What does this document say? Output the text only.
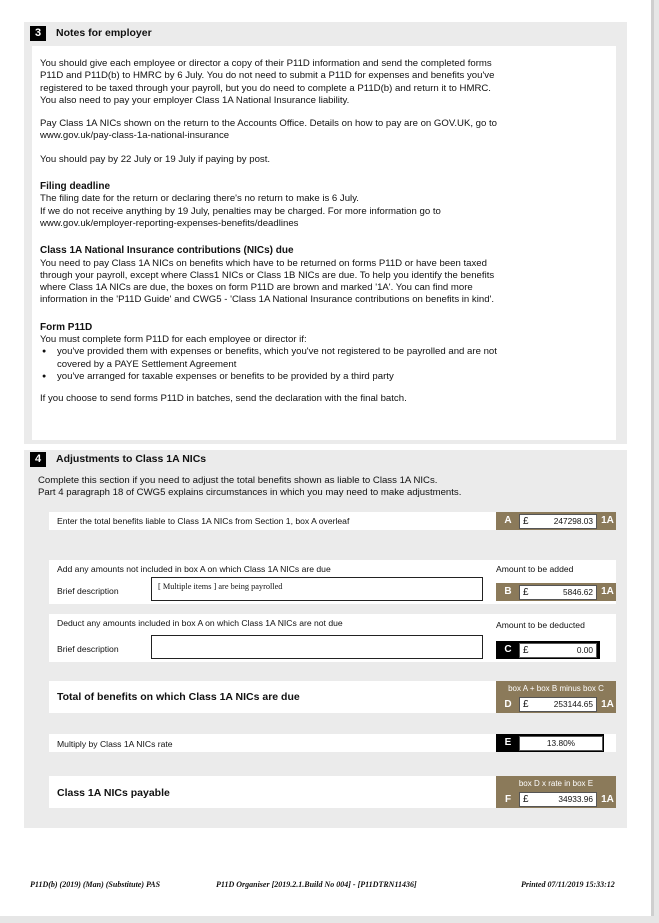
3	Notes for employer

You should give each employee or director a copy of their P11D information and send the completed forms

P11D and P11D(b) to HMRC by 6 July. You do not need to submit a P11D for expenses and benefits you've

registered to be taxed through your payroll, but you do need to complete a P11D(b) and return it to HMRC.

You also need to pay your employer Class 1A National Insurance liability.

Pay Class 1A NICs shown on the return to the Accounts Office. Details on how to pay are on GOV.UK, go to

www.gov.uk/pay-class-1a-national-insurance

You should pay by 22 July or 19 July if paying by post.

Filing deadline

The filing date for the return or declaring there's no return to make is 6 July.

If we do not receive anything by 19 July, penalties may be charged. For more information go to

www.gov.uk/employer-reporting-expenses-benefits/deadlines

Class 1A National Insurance contributions (NICs) due

You need to pay Class 1A NICs on benefits which have to be returned on forms P11D or have been taxed

through your payroll, except where Class1 NICs or Class 1B NICs are due. To help you identify the benefits

where Class 1A NICs are due, the boxes on form P11D are brown and marked '1A'. You can find more

information in the 'P11D Guide' and CWG5 - 'Class 1A National Insurance contributions on benefits in kind'.

Form P11D

You must complete form P11D for each employee or director if:

● you've provided them with expenses or benefits, which you've not registered to be payrolled and are not
covered by a PAYE Settlement Agreement
● you've arranged for taxable expenses or benefits to be provided by a third party

If you choose to send forms P11D in batches, send the declaration with the final batch.

4	Adjustments to Class 1A NICs

Complete this section if you need to adjust the total benefits shown as liable to Class 1A NICs.

Part 4 paragraph 18 of CWG5 explains circumstances in which you may need to make adjustments.

Enter the total benefits liable to Class 1A NICs from Section 1, box A overleaf	A	£	247298.03 1A
Add any amounts not included in box A on which Class 1A NICs are due	Amount to be added
Brief description	[ Multiple items ] are being payrolled	B	£	5846.62 1A
Deduct any amounts included in box A on which Class 1A NICs are not due	Amount to be deducted
Brief description	C	£	0.00
Total of benefits on which Class 1A NICs are due
box A + box B minus box C
D	£	253144.65 1A
Multiply by Class 1A NICs rate	E	13.80%
Class 1A NICs payable
box D x rate in box E
F	£	34933.96 1A
P11D(b) (2019) (Man) (Substitute) PAS	P11D Organiser [2019.2.1.Build No 004] - [P11DTRN11436]	Printed 07/11/2019 15:33:12
